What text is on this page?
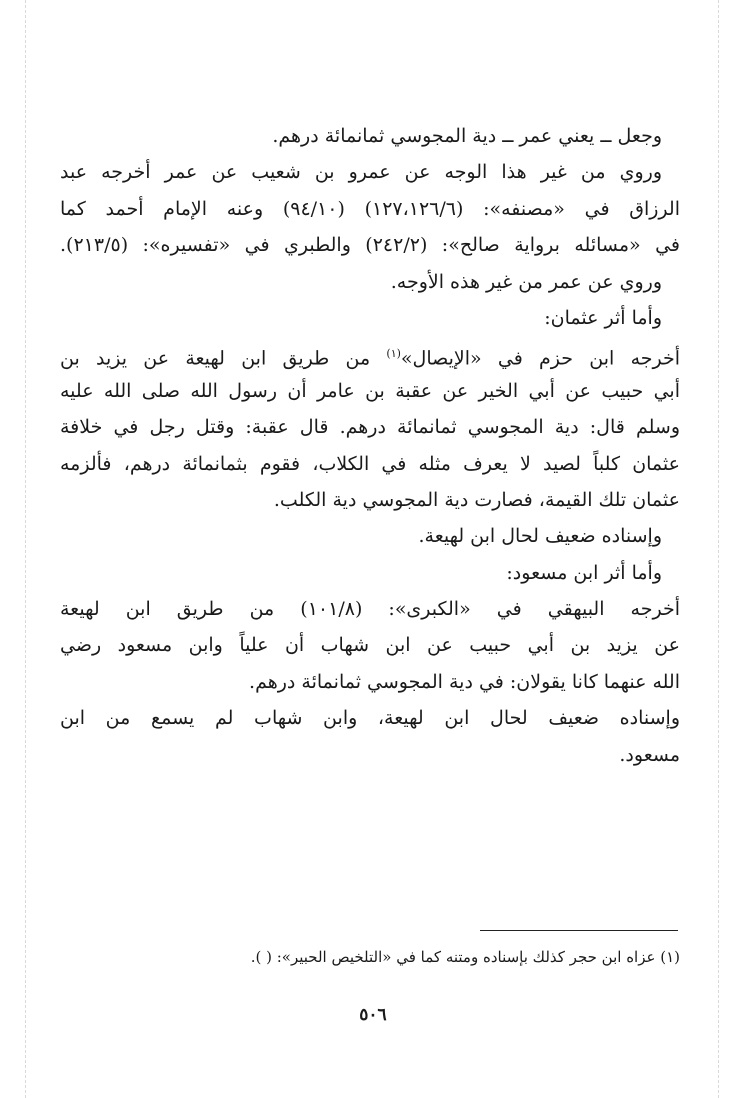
وجعل ــ يعني عمر ــ دية المجوسي ثمانمائة درهم.
وروي من غير هذا الوجه عن عمرو بن شعيب عن عمر أخرجه عبد
الرزاق في «مصنفه»: (١٢٧،١٢٦/٦) (٩٤/١٠) وعنه الإمام أحمد كما
في «مسائله برواية صالح»: (٢٤٢/٢) والطبري في «تفسيره»: (٢١٣/٥).
وروي عن عمر من غير هذه الأوجه.
وأما أثر عثمان:
أخرجه ابن حزم في «الإيصال»$^{(١)}$ من طريق ابن لهيعة عن يزيد بن
أبي حبيب عن أبي الخير عن عقبة بن عامر أن رسول الله صلى الله عليه
وسلم قال: دية المجوسي ثمانمائة درهم. قال عقبة: وقتل رجل في خلافة
عثمان كلباً لصيد لا يعرف مثله في الكلاب، فقوم بثمانمائة درهم، فألزمه
عثمان تلك القيمة، فصارت دية المجوسي دية الكلب.
وإسناده ضعيف لحال ابن لهيعة.
وأما أثر ابن مسعود:
أخرجه البيهقي في «الكبرى»: (١٠١/٨) من طريق ابن لهيعة
عن يزيد بن أبي حبيب عن ابن شهاب أن علياً وابن مسعود رضي
الله عنهما كانا يقولان: في دية المجوسي ثمانمائة درهم.
وإسناده ضعيف لحال ابن لهيعة، وابن شهاب لم يسمع من ابن
مسعود.
(١) عزاه ابن حجر كذلك بإسناده ومتنه كما في «التلخيص الحبير»: ( ).
٥٠٦
